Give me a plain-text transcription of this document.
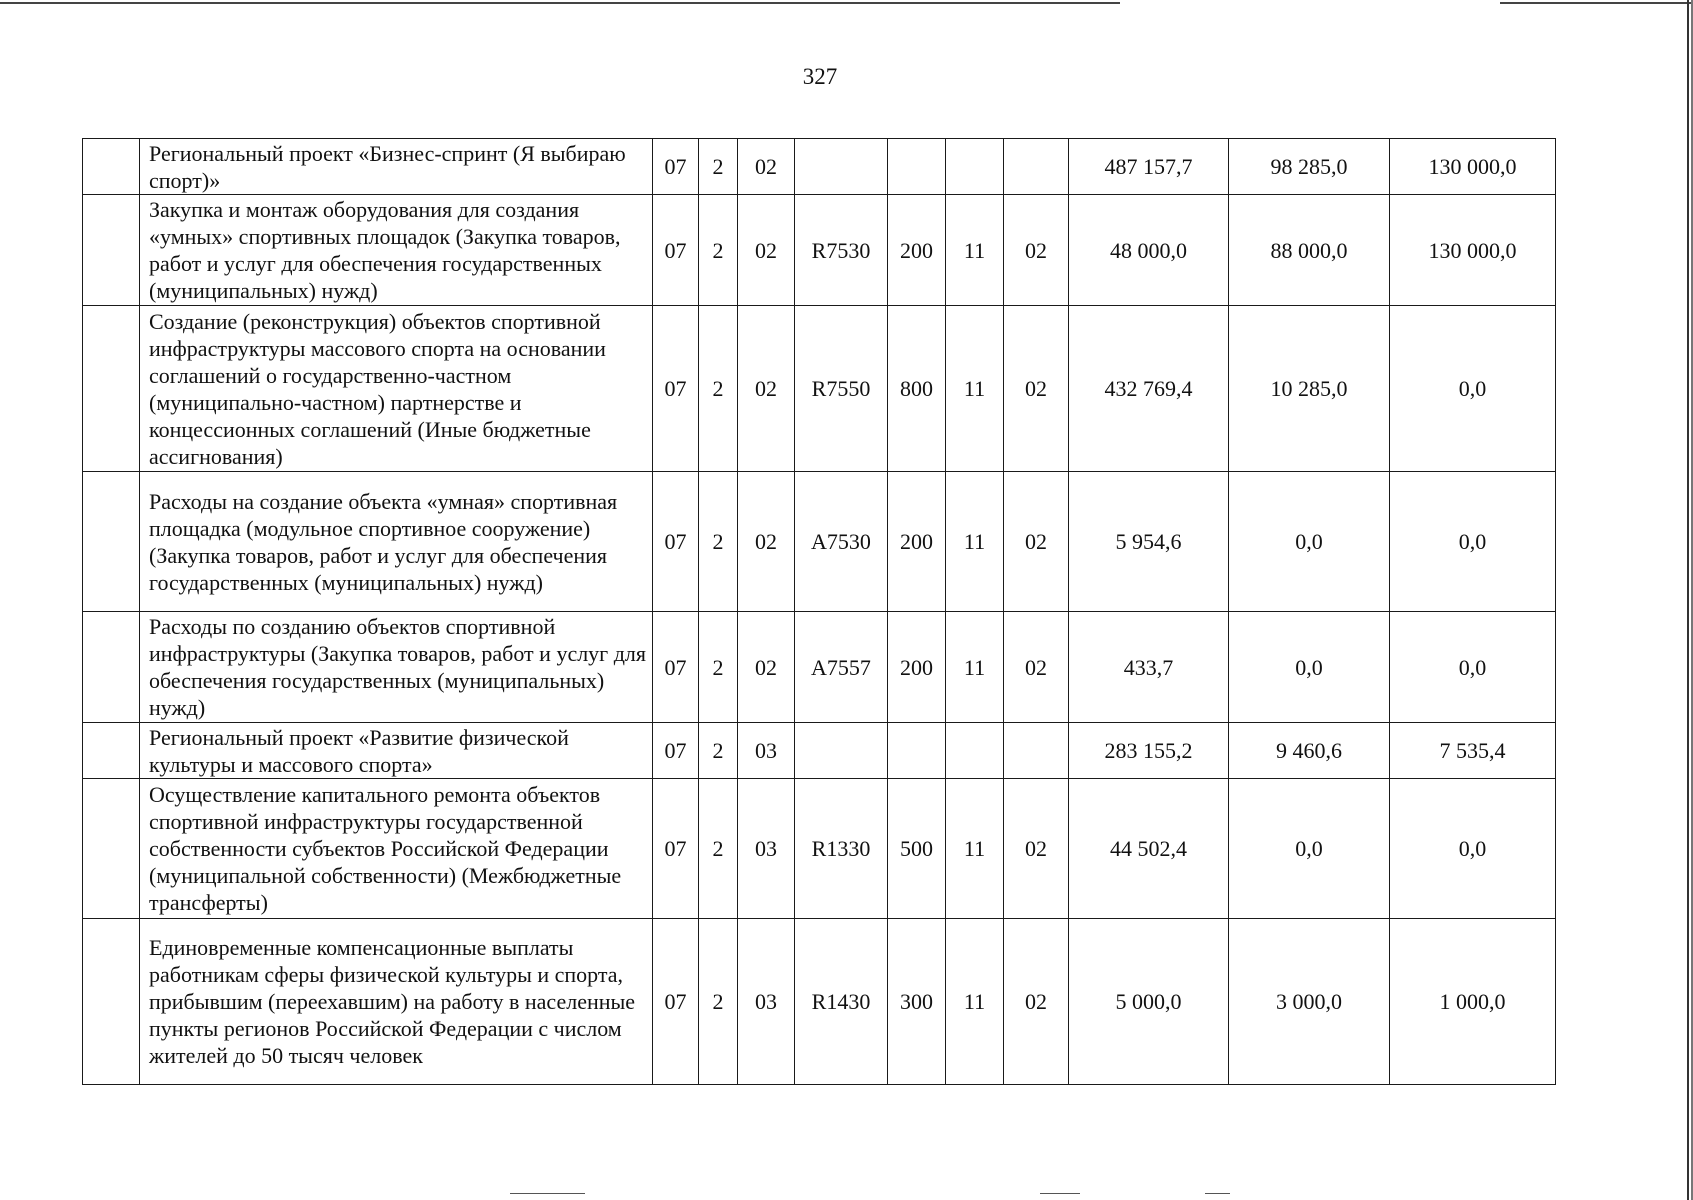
327
	Региональный проект «Бизнес-спринт (Я выбираю спорт)»	07	2	02					487 157,7	98 285,0	130 000,0
	Закупка и монтаж оборудования для создания «умных» спортивных площадок (Закупка товаров, работ и услуг для обеспечения государственных (муниципальных) нужд)	07	2	02	R7530	200	11	02	48 000,0	88 000,0	130 000,0
	Создание (реконструкция) объектов спортивной инфраструктуры массового спорта на основании соглашений о государственно-частном (муниципально-частном) партнерстве и концессионных соглашений (Иные бюджетные ассигнования)	07	2	02	R7550	800	11	02	432 769,4	10 285,0	0,0
	Расходы на создание объекта «умная» спортивная площадка (модульное спортивное сооружение) (Закупка товаров, работ и услуг для обеспечения государственных (муниципальных) нужд)	07	2	02	A7530	200	11	02	5 954,6	0,0	0,0
	Расходы по созданию объектов спортивной инфраструктуры (Закупка товаров, работ и услуг для обеспечения государственных (муниципальных) нужд)	07	2	02	A7557	200	11	02	433,7	0,0	0,0
	Региональный проект «Развитие физической культуры и массового спорта»	07	2	03					283 155,2	9 460,6	7 535,4
	Осуществление капитального ремонта объектов спортивной инфраструктуры государственной собственности субъектов Российской Федерации (муниципальной собственности) (Межбюджетные трансферты)	07	2	03	R1330	500	11	02	44 502,4	0,0	0,0
	Единовременные компенсационные выплаты работникам сферы физической культуры и спорта, прибывшим (переехавшим) на работу в населенные пункты регионов Российской Федерации с числом жителей до 50 тысяч человек	07	2	03	R1430	300	11	02	5 000,0	3 000,0	1 000,0
